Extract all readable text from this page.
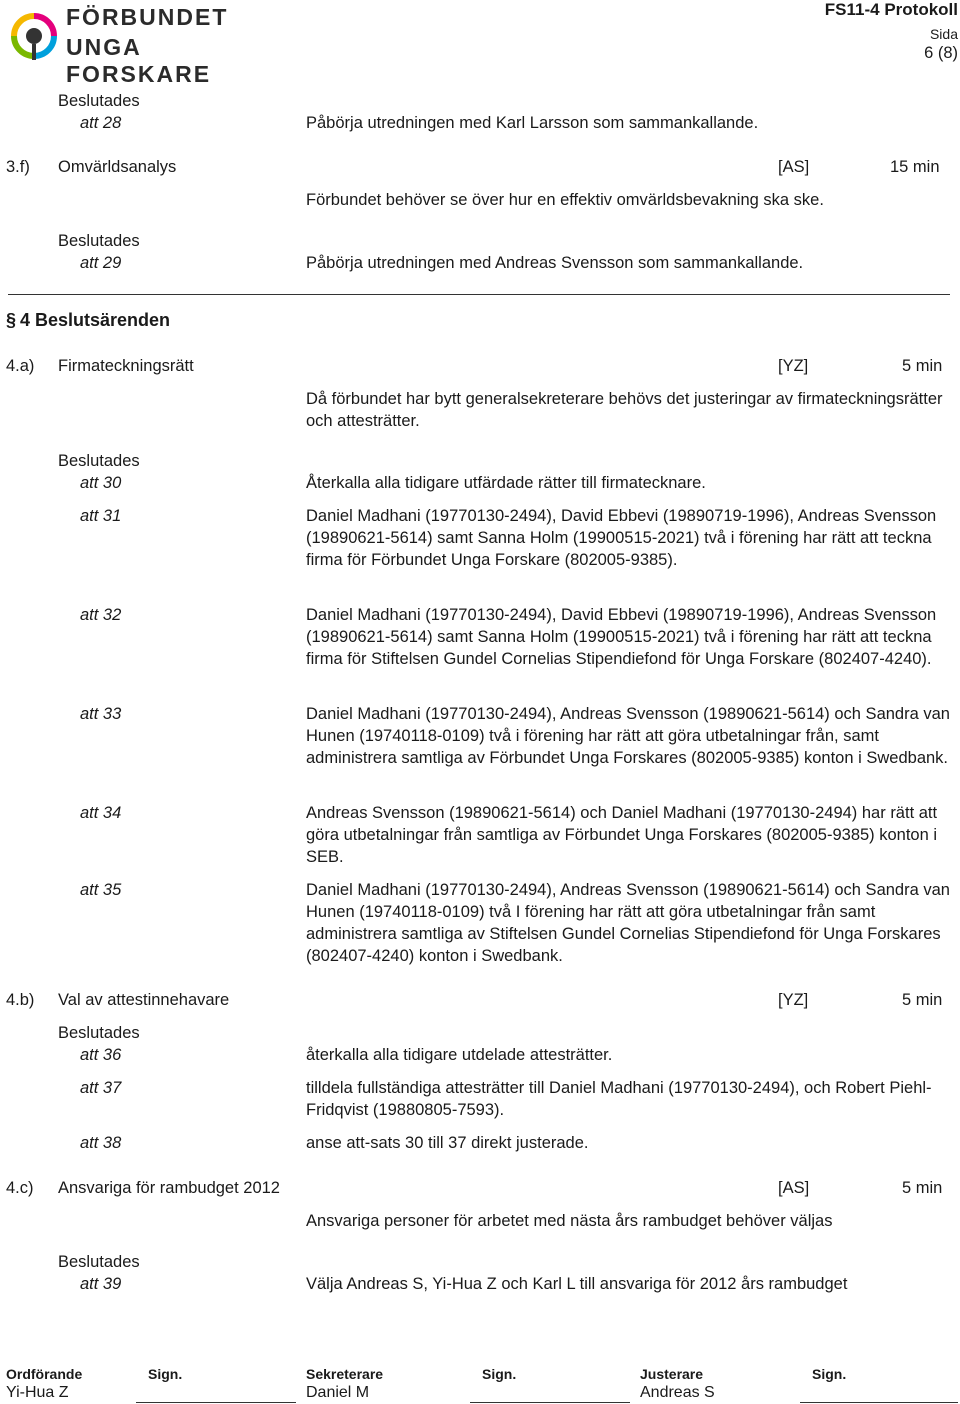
FÖRBUNDET
UNGA FORSKARE
FS11-4 Protokoll
Sida
6 (8)
Beslutades
att 28	Påbörja utredningen med Karl Larsson som sammankallande.
3.f) Omvärldsanalys	[AS]	15 min
Förbundet behöver se över hur en effektiv omvärldsbevakning ska ske.
Beslutades
att 29	Påbörja utredningen med Andreas Svensson som sammankallande.
§ 4 Beslutsärenden
4.a) Firmateckningsrätt	[YZ]	5 min
Då förbundet har bytt generalsekreterare behövs det justeringar av firmateckningsrätter och attesträtter.
Beslutades
att 30	Återkalla alla tidigare utfärdade rätter till firmatecknare.
att 31	Daniel Madhani (19770130-2494), David Ebbevi (19890719-1996), Andreas Svensson (19890621-5614) samt Sanna Holm (19900515-2021) två i förening har rätt att teckna firma för Förbundet Unga Forskare (802005-9385).
att 32	Daniel Madhani (19770130-2494), David Ebbevi (19890719-1996), Andreas Svensson (19890621-5614) samt Sanna Holm (19900515-2021) två i förening har rätt att teckna firma för Stiftelsen Gundel Cornelias Stipendiefond för Unga Forskare (802407-4240).
att 33	Daniel Madhani (19770130-2494), Andreas Svensson (19890621-5614) och Sandra van Hunen (19740118-0109) två i förening har rätt att göra utbetalningar från, samt administrera samtliga av Förbundet Unga Forskares (802005-9385) konton i Swedbank.
att 34	Andreas Svensson (19890621-5614) och Daniel Madhani (19770130-2494) har rätt att göra utbetalningar från samtliga av Förbundet Unga Forskares (802005-9385) konton i SEB.
att 35	Daniel Madhani (19770130-2494), Andreas Svensson (19890621-5614) och Sandra van Hunen (19740118-0109) två I förening har rätt att göra utbetalningar från samt administrera samtliga av Stiftelsen Gundel Cornelias Stipendiefond för Unga Forskares (802407-4240) konton i Swedbank.
4.b) Val av attestinnehavare	[YZ]	5 min
Beslutades
att 36	återkalla alla tidigare utdelade attesträtter.
att 37	tilldela fullständiga attesträtter till Daniel Madhani (19770130-2494), och Robert Piehl-Fridqvist (19880805-7593).
att 38	anse att-sats 30 till 37 direkt justerade.
4.c) Ansvariga för rambudget 2012	[AS]	5 min
Ansvariga personer för arbetet med nästa års rambudget behöver väljas
Beslutades
att 39	Välja Andreas S, Yi-Hua Z och Karl L till ansvariga för 2012 års rambudget
Ordförande
Yi-Hua Z
Sign.	Sekreterare
Daniel M
Sign.	Justerare
Andreas S
Sign.
